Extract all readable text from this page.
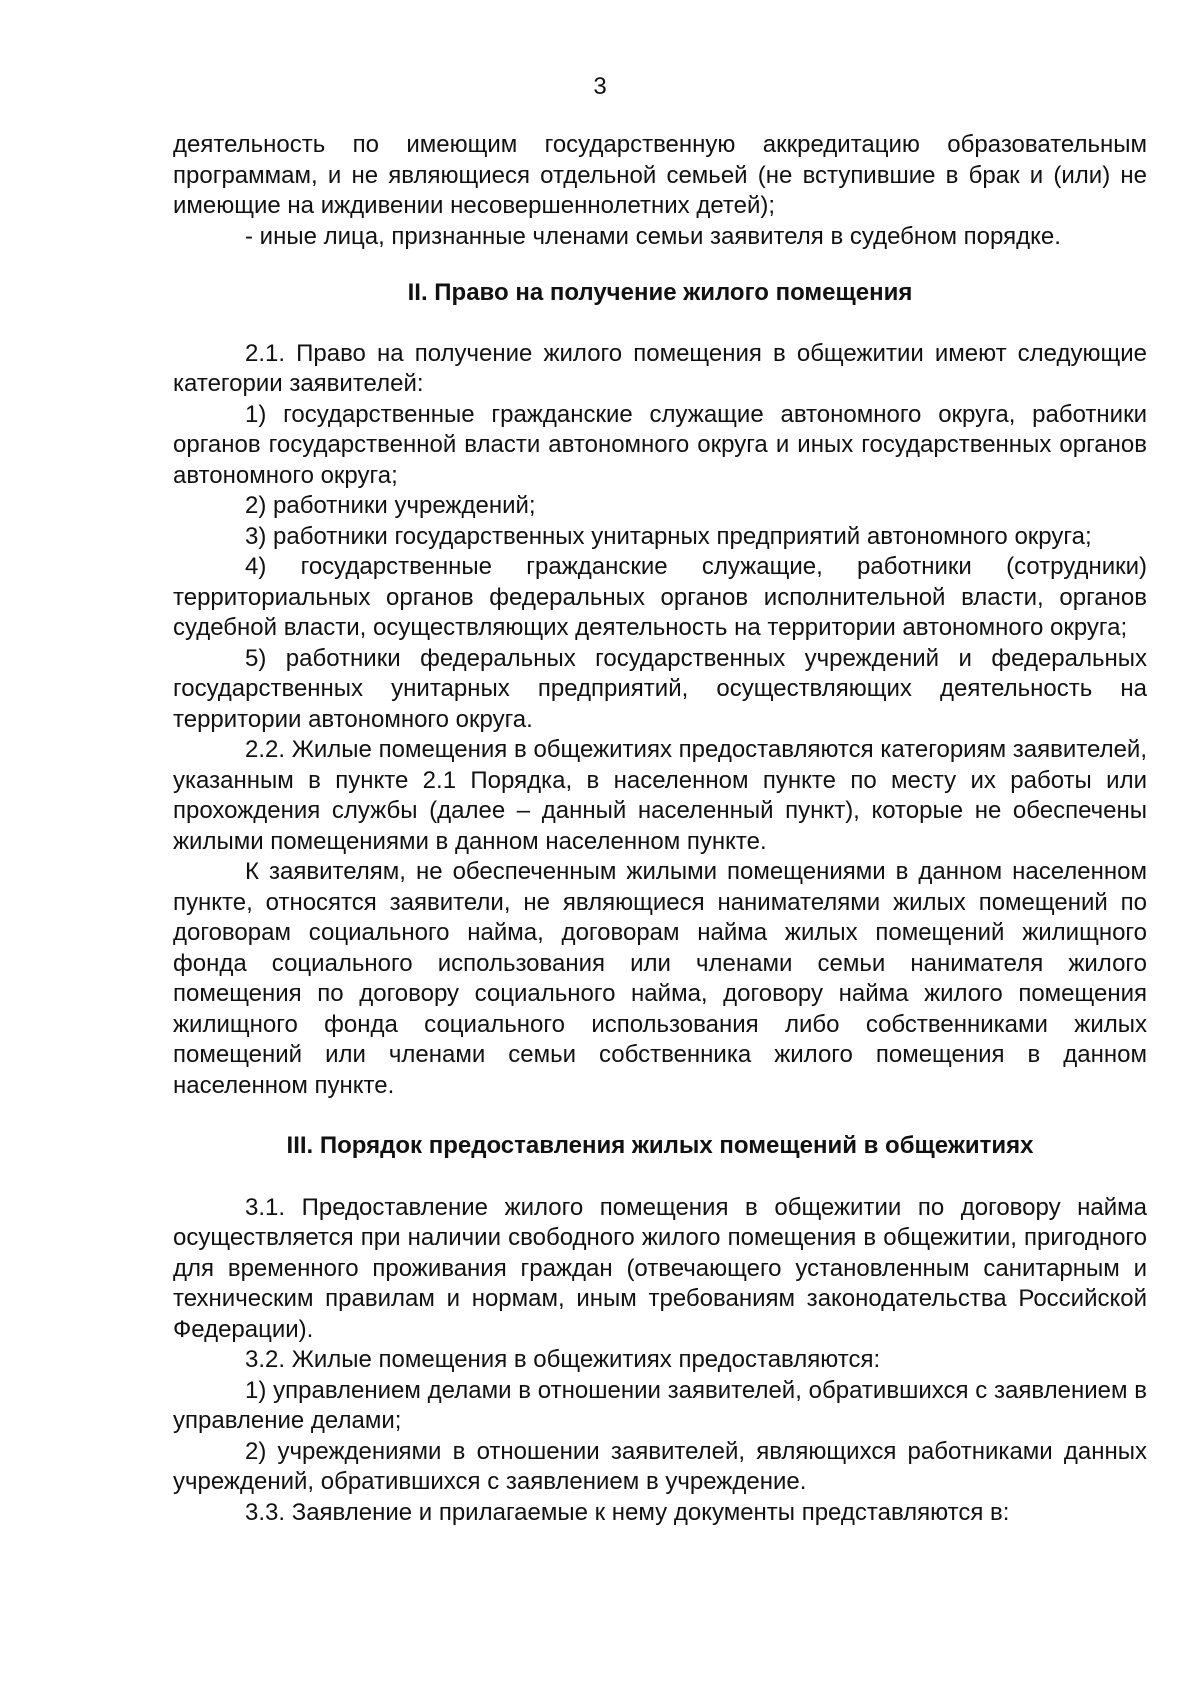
3

деятельность по имеющим государственную аккредитацию образовательным программам, и не являющиеся отдельной семьей (не вступившие в брак и (или) не имеющие на иждивении несовершеннолетних детей);

- иные лица, признанные членами семьи заявителя в судебном порядке.

II. Право на получение жилого помещения

2.1. Право на получение жилого помещения в общежитии имеют следующие категории заявителей:

1) государственные гражданские служащие автономного округа, работники органов государственной власти автономного округа и иных государственных органов автономного округа;

2) работники учреждений;

3) работники государственных унитарных предприятий автономного округа;

4) государственные гражданские служащие, работники (сотрудники) территориальных органов федеральных органов исполнительной власти, органов судебной власти, осуществляющих деятельность на территории автономного округа;

5) работники федеральных государственных учреждений и федеральных государственных унитарных предприятий, осуществляющих деятельность на территории автономного округа.

2.2. Жилые помещения в общежитиях предоставляются категориям заявителей, указанным в пункте 2.1 Порядка, в населенном пункте по месту их работы или прохождения службы (далее – данный населенный пункт), которые не обеспечены жилыми помещениями в данном населенном пункте.

К заявителям, не обеспеченным жилыми помещениями в данном населенном пункте, относятся заявители, не являющиеся нанимателями жилых помещений по договорам социального найма, договорам найма жилых помещений жилищного фонда социального использования или членами семьи нанимателя жилого помещения по договору социального найма, договору найма жилого помещения жилищного фонда социального использования либо собственниками жилых помещений или членами семьи собственника жилого помещения в данном населенном пункте.

III. Порядок предоставления жилых помещений в общежитиях

3.1. Предоставление жилого помещения в общежитии по договору найма осуществляется при наличии свободного жилого помещения в общежитии, пригодного для временного проживания граждан (отвечающего установленным санитарным и техническим правилам и нормам, иным требованиям законодательства Российской Федерации).

3.2. Жилые помещения в общежитиях предоставляются:

1) управлением делами в отношении заявителей, обратившихся с заявлением в управление делами;

2) учреждениями в отношении заявителей, являющихся работниками данных учреждений, обратившихся с заявлением в учреждение.

3.3. Заявление и прилагаемые к нему документы представляются в:
